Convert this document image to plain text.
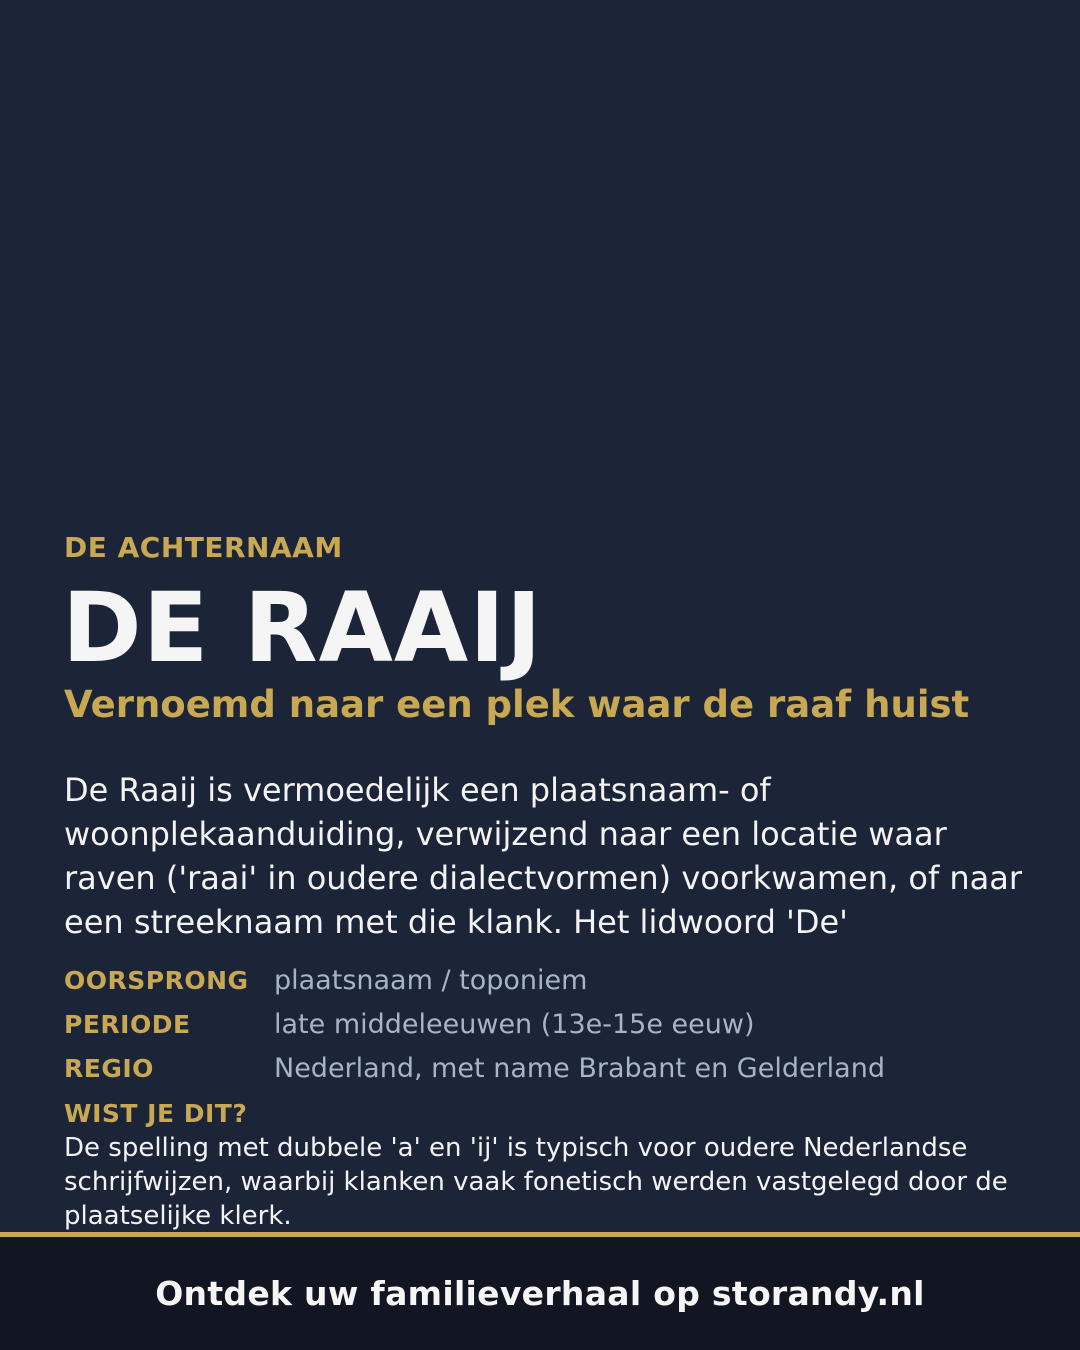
DE ACHTERNAAM
DE RAAIJ
Vernoemd naar een plek waar de raaf huist

De Raaij is vermoedelijk een plaatsnaam- of woonplekaanduiding, verwijzend naar een locatie waar raven ('raai' in oudere dialectvormen) voorkwamen, of naar een streeknaam met die klank. Het lidwoord 'De'

OORSPRONG plaatsnaam / toponiem
PERIODE	late middeleeuwen (13e-15e eeuw)
REGIO	Nederland, met name Brabant en Gelderland
WIST JE DIT?

De spelling met dubbele 'a' en 'ij' is typisch voor oudere Nederlandse schrijfwijzen, waarbij klanken vaak fonetisch werden vastgelegd door de plaatselijke klerk.

Ontdek uw familieverhaal op storandy.nl
